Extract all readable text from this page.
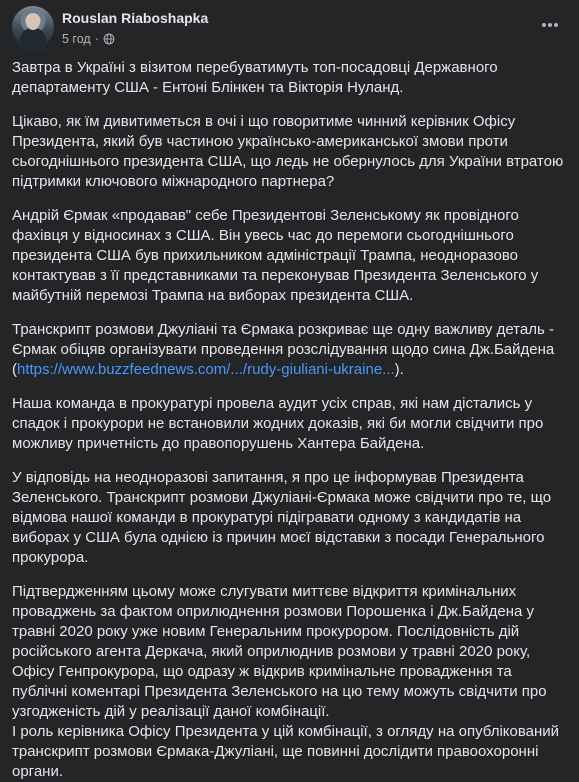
Rouslan Riaboshapka
5 год ·

Завтра в Україні з візитом перебуватимуть топ-посадовці Державного департаменту США - Ентоні Блінкен та Вікторія Нуланд.

Цікаво, як їм дивитиметься в очі і що говоритиме чинний керівник Офісу Президента, який був частиною українсько-американської змови проти сьогоднішнього президента США, що ледь не обернулось для України втратою підтримки ключового міжнародного партнера?

Андрій Єрмак «продавав" себе Президентові Зеленському як провідного фахівця у відносинах з США. Він увесь час до перемоги сьогоднішнього президента США був прихильником адміністрації Трампа, неодноразово контактував з її представниками та переконував Президента Зеленського у майбутній перемозі Трампа на виборах президента США.

Транскрипт розмови Джуліані та Єрмака розкриває ще одну важливу деталь - Єрмак обіцяв організувати проведення розслідування щодо сина Дж.Байдена (https://www.buzzfeednews.com/.../rudy-giuliani-ukraine...).

Наша команда в прокуратурі провела аудит усіх справ, які нам дістались у спадок і прокурори не встановили жодних доказів, які би могли свідчити про можливу причетність до правопорушень Хантера Байдена.

У відповідь на неодноразові запитання, я про це інформував Президента Зеленського. Транскрипт розмови Джуліані-Єрмака може свідчити про те, що відмова нашої команди в прокуратурі підігравати одному з кандидатів на виборах у США була однією із причин моєї відставки з посади Генерального прокурора.

Підтвердженням цьому може слугувати миттєве відкриття кримінальних проваджень за фактом оприлюднення розмови Порошенка і Дж.Байдена у травні 2020 року уже новим Генеральним прокурором. Послідовність дій російського агента Деркача, який оприлюднив розмови у травні 2020 року, Офісу Генпрокурора, що одразу ж відкрив кримінальне провадження та публічні коментарі Президента Зеленського на цю тему можуть свідчити про узгодженість дій у реалізації даної комбінації.

І роль керівника Офісу Президента у цій комбінації, з огляду на опублікований транскрипт розмови Єрмака-Джуліані, ще повинні дослідити правоохоронні органи.
